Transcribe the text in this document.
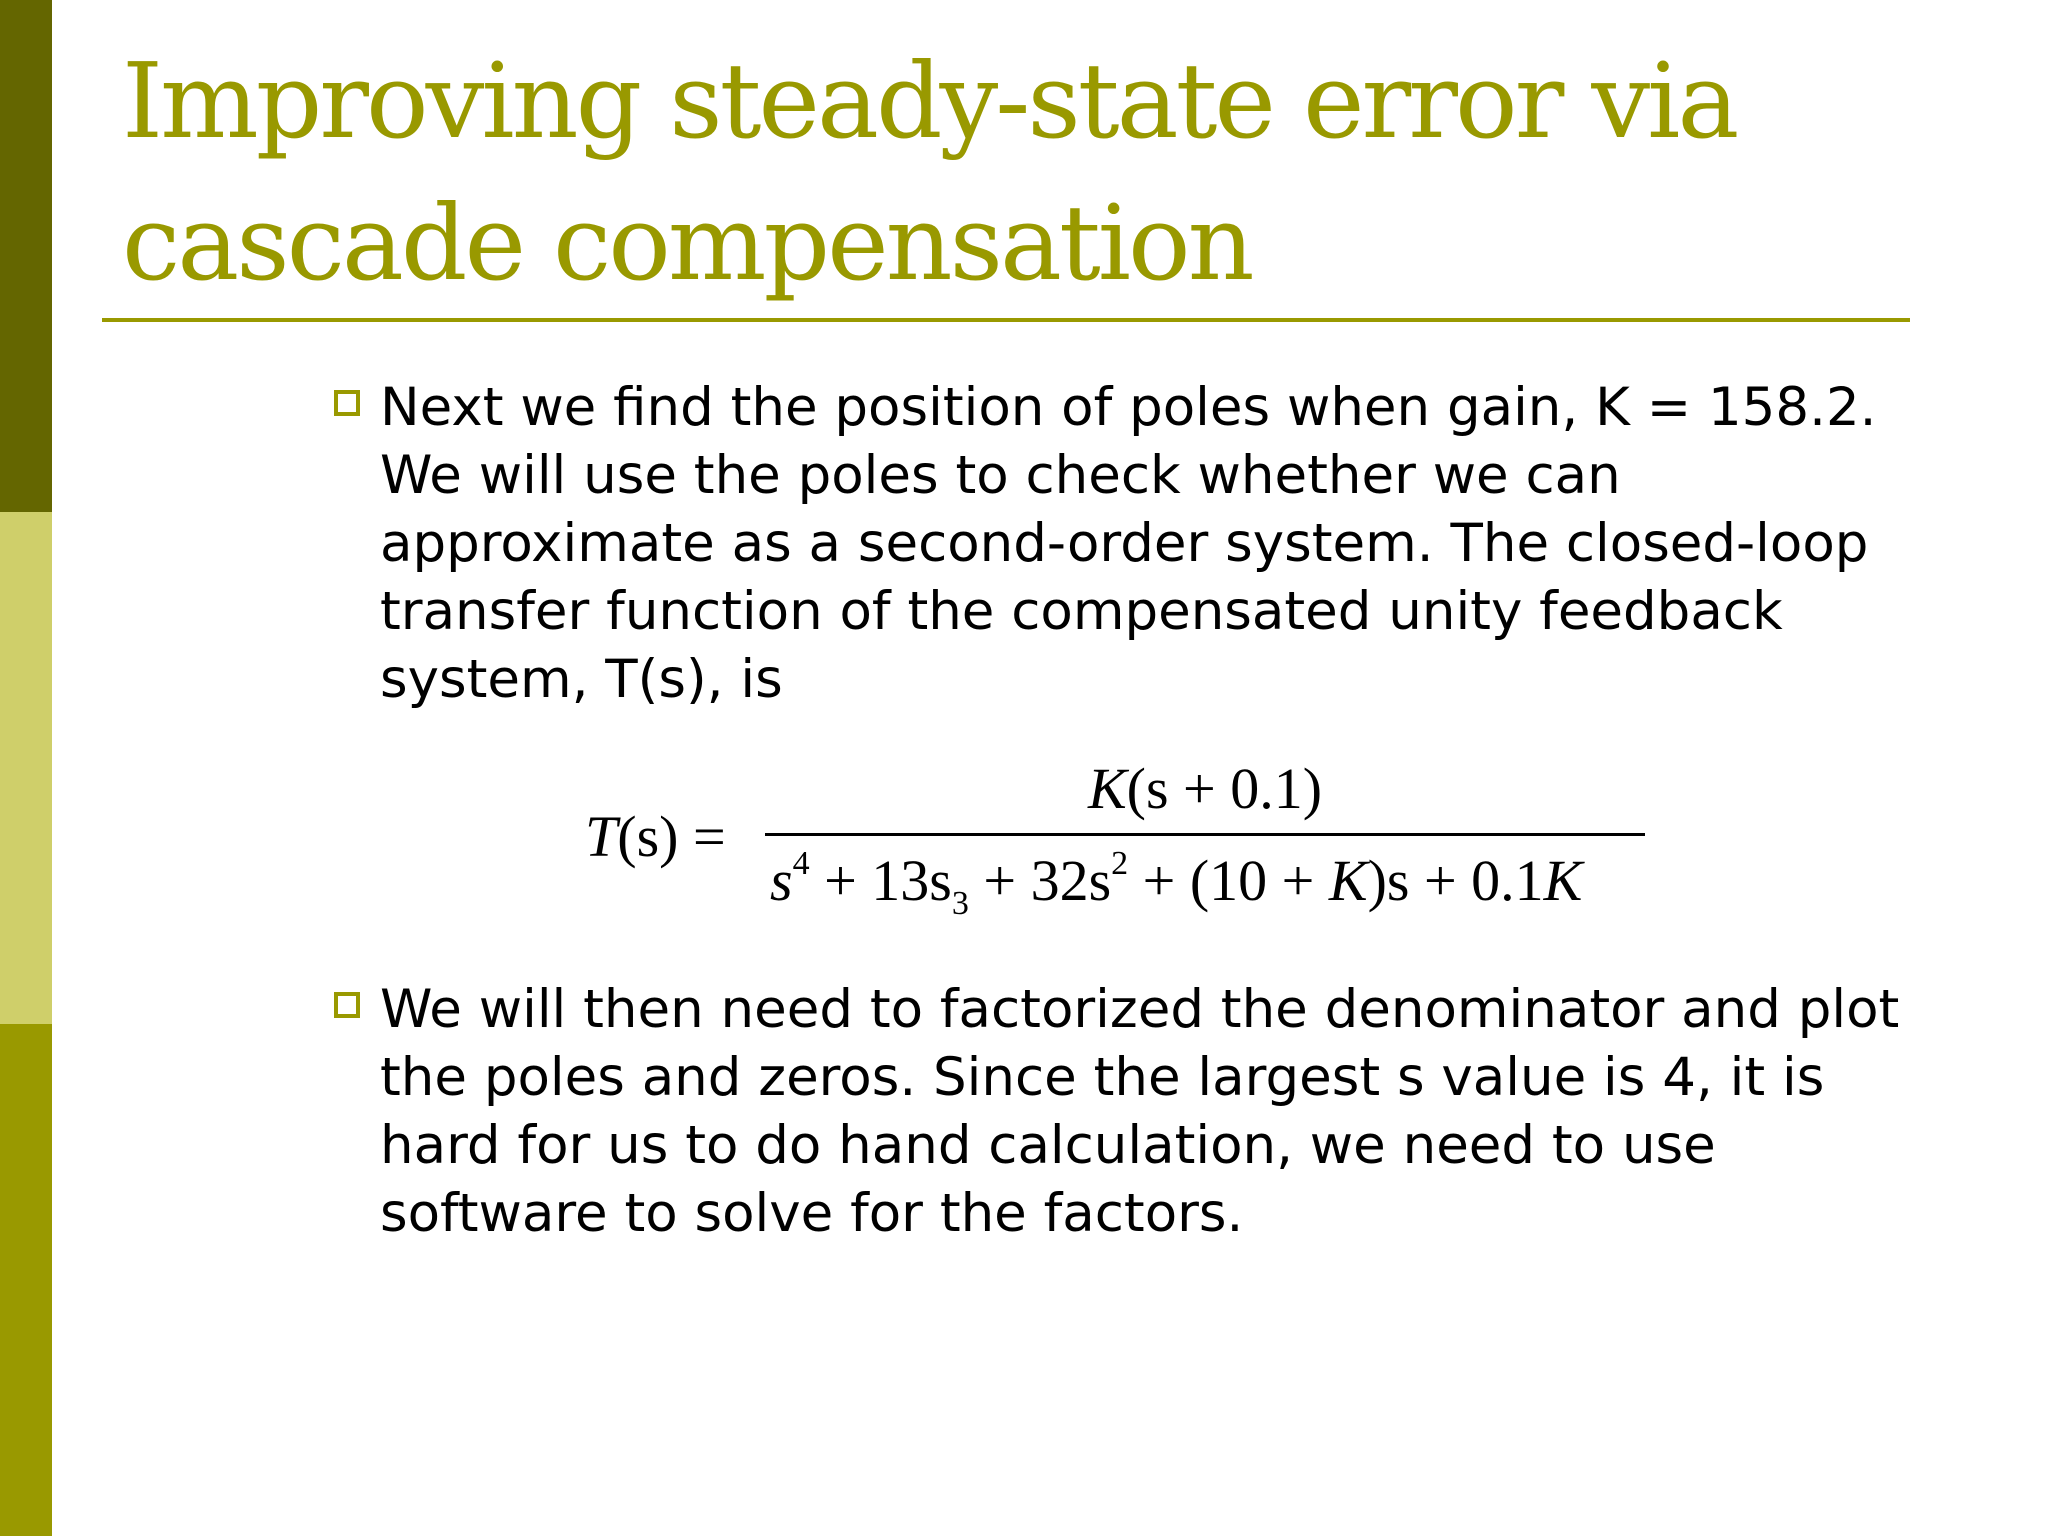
Improving steady-state error via cascade compensation

Next we find the position of poles when gain, K = 158.2. We will use the poles to check whether we can approximate as a second-order system. The closed-loop transfer function of the compensated unity feedback system, T(s), is

T(s) =
K(s + 0.1)
$s^4 + 13s_3 + 32s^2 + (10 + K)s + 0.1K$

We will then need to factorized the denominator and plot the poles and zeros. Since the largest s value is 4, it is hard for us to do hand calculation, we need to use software to solve for the factors.
